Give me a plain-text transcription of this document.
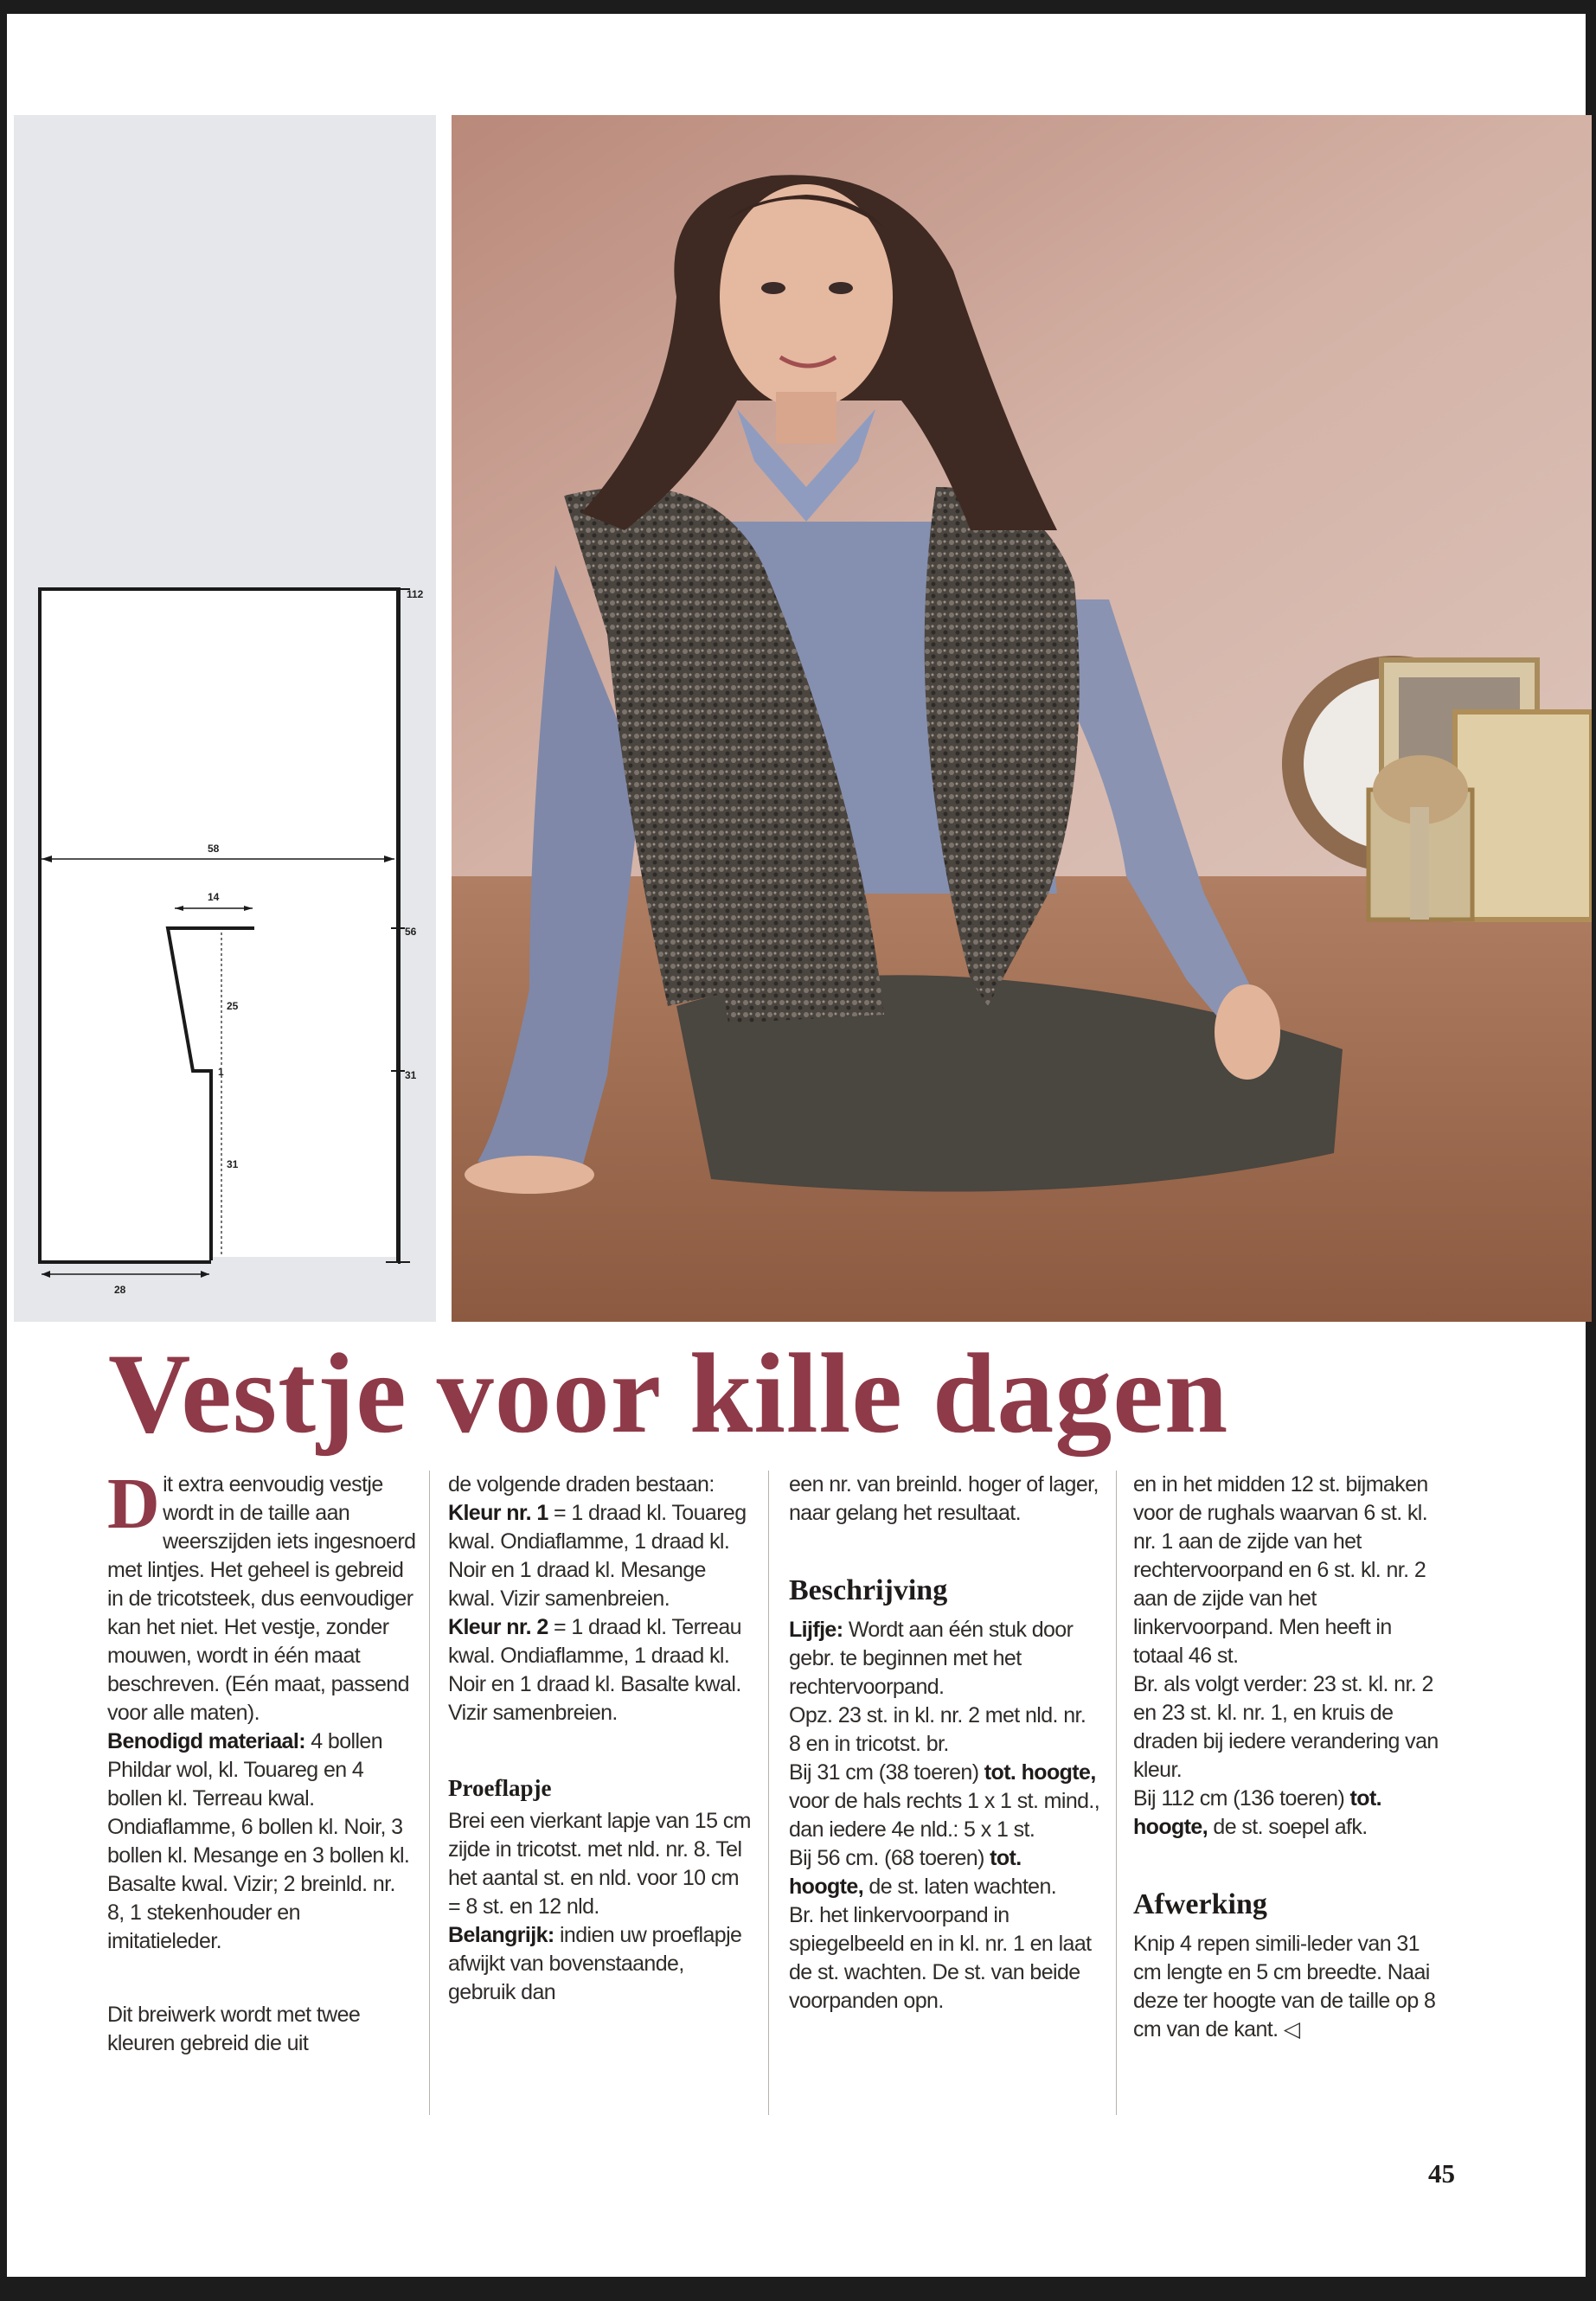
112
58
14
56
25
1	31
31
28
Vestje voor kille dagen
D it extra eenvoudig vestje wordt in de taille aan weerszijden iets ingesnoerd met lintjes. Het geheel is gebreid in de tricotsteek, dus eenvoudiger kan het niet. Het vestje, zonder mouwen, wordt in één maat beschreven. (Eén maat, passend voor alle maten).

Benodigd materiaal: 4 bollen Phildar wol, kl. Touareg en 4 bollen kl. Terreau kwal. Ondiaflamme, 6 bollen kl. Noir, 3 bollen kl. Mesange en 3 bollen kl. Basalte kwal. Vizir; 2 breinld. nr. 8, 1 stekenhouder en imitatieleder.

Dit breiwerk wordt met twee kleuren gebreid die uit

de volgende draden bestaan:

Kleur nr. 1 = 1 draad kl. Touareg kwal. Ondiaflamme, 1 draad kl. Noir en 1 draad kl. Mesange kwal. Vizir samenbreien.

Kleur nr. 2 = 1 draad kl. Terreau kwal. Ondiaflamme, 1 draad kl. Noir en 1 draad kl. Basalte kwal. Vizir samenbreien.

Proeflapje

Brei een vierkant lapje van 15 cm zijde in tricotst. met nld. nr. 8. Tel het aantal st. en nld. voor 10 cm = 8 st. en 12 nld.

Belangrijk: indien uw proeflapje afwijkt van bovenstaande, gebruik dan

een nr. van breinld. hoger of lager, naar gelang het resultaat.

Beschrijving

Lijfje: Wordt aan één stuk door gebr. te beginnen met het rechtervoorpand.

Opz. 23 st. in kl. nr. 2 met nld. nr. 8 en in tricotst. br.

Bij 31 cm (38 toeren) tot. hoogte, voor de hals rechts 1 x 1 st. mind., dan iedere 4e nld.: 5 x 1 st.

Bij 56 cm. (68 toeren) tot. hoogte, de st. laten wachten.

Br. het linkervoorpand in spiegelbeeld en in kl. nr. 1 en laat de st. wachten. De st. van beide voorpanden opn.

en in het midden 12 st. bijmaken voor de rughals waarvan 6 st. kl. nr. 1 aan de zijde van het rechtervoorpand en 6 st. kl. nr. 2 aan de zijde van het linkervoorpand. Men heeft in totaal 46 st.

Br. als volgt verder: 23 st. kl. nr. 2 en 23 st. kl. nr. 1, en kruis de draden bij iedere verandering van kleur.

Bij 112 cm (136 toeren) tot. hoogte, de st. soepel afk.

Afwerking

Knip 4 repen simili-leder van 31 cm lengte en 5 cm breedte. Naai deze ter hoogte van de taille op 8 cm van de kant. ◁

45
